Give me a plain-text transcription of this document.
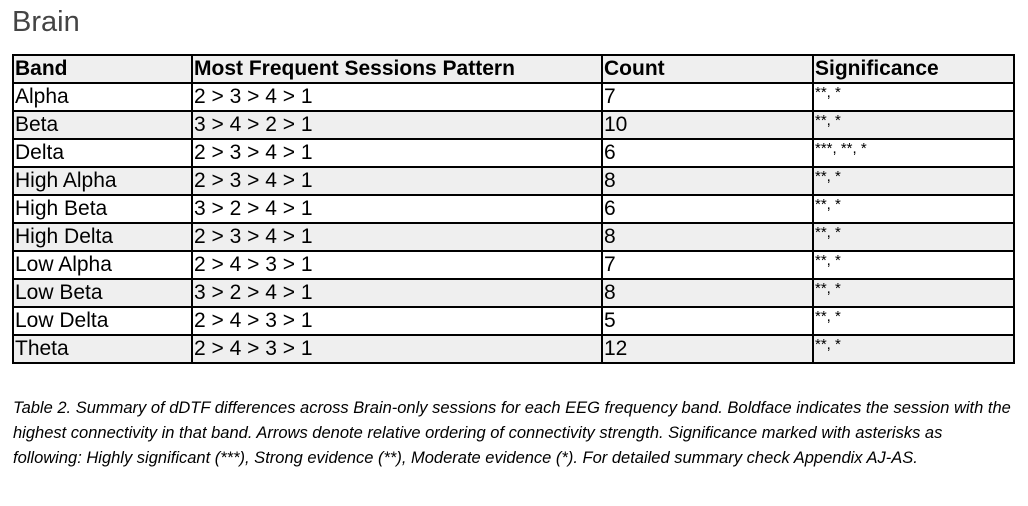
Brain
Band	Most Frequent Sessions Pattern	Count	Significance
Alpha	2 > 3 > 4 > 1	7	**, *
Beta	3 > 4 > 2 > 1	10	**, *
Delta	2 > 3 > 4 > 1	6	***, **, *
High Alpha	2 > 3 > 4 > 1	8	**, *
High Beta	3 > 2 > 4 > 1	6	**, *
High Delta	2 > 3 > 4 > 1	8	**, *
Low Alpha	2 > 4 > 3 > 1	7	**, *
Low Beta	3 > 2 > 4 > 1	8	**, *
Low Delta	2 > 4 > 3 > 1	5	**, *
Theta	2 > 4 > 3 > 1	12	**, *

Table 2. Summary of dDTF differences across Brain-only sessions for each EEG frequency band. Boldface indicates the session with the highest connectivity in that band. Arrows denote relative ordering of connectivity strength. Significance marked with asterisks as following: Highly significant (***), Strong evidence (**), Moderate evidence (*). For detailed summary check Appendix AJ-AS.
